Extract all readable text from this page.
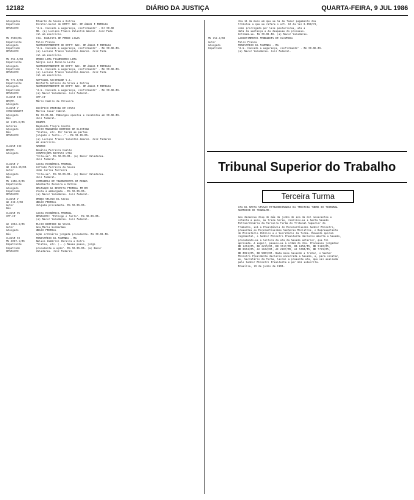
12182	DIÁRIO DA JUSTIÇA	QUARTA-FEIRA, 9 JUL 1986
Advogados
Impetrado
DESPACHO
Eduardo de Souza e Outros
Diretor-Geral do DEPTº NAC. DE ÁGUAS E ENERGIA
"A.G. Concedo a segurança, confirmando" - DJ 30.06
86. (a) Luciano Franco Valentim Amaral. Juiz Fede
ral em exercício.
MS 3506/BA
Impetrante
Advogado
Impetrado
DESPACHO
CIA. PAULISTA DE FERRO LIGAS
Felix Franca
SUPERINTENDENTE DO DEPTº NAC. DE ÁGUAS E ENERGIA
"A.G. Concedo a segurança, confirmando" - Em 30.06.86.
(a) Luciano Franco Valentim Amaral. Juiz Fede
ral em exercício.
MS 352-6/86
Impetrante
Advogado
Impetrado
DESPACHO
PEDRO LIMA FIGUEIREDO LIMA
Sérgio Luiz Pereira Leite
SUPERINTENDENTE DO DEPTº NAC. DE ÁGUAS E ENERGIA
"A.G. Concedo a segurança, confirmando" - Em 30.06.86.
(a) Luciano Franco Valentim Amaral. Juiz Fede
ral em exercício.
MS 771-8/86
Impetrante
Advogado
Impetrado
DESPACHO
SOFTAGRA SOCIEDADE S.A.
Ronfalfo Antonio da Silva e Outros
SUPERINTENDENTE DO DEPTº NAC. DE ÁGUAS E ENERGIA
"A.G. Concedo a segurança, confirmando" - Em 30.06.86.
(a) Nacur Valadares. Juiz Federal.
CLASSE III
REQTE.
Advogado
CEF-CP
Mário Camilo de Oliveira
CLASSE V
CONSIGNANTE
Advogado
Réu
PACÍFICO PEREIRA DE COSTA
Marcos Cesar Cabral
Em 30.06.86. Embargos opostos e recebidos em 30.06.86.
Juiz Federal.
AO 1195-6/86
Autores
Advogado
Réu
DESPACHO
INAMPS
Raymundo Freire Coelho
LUCIO MARANHÃO RIBEIRO DE OLIVEIRA
"Vistos, etc. Por terem as partes
julgado o feito..." - Em 30.06.86.
(a) Luciano Franco Valentim Amaral. Juiz Federal
em exercício.
CLASSE III
REQTE.
Advogado
SERPRO
Rosália Ferreira Coelho
CONFECÇÕES BATISTA LTDA
"Cite-se". Em 30.06.86. (a) Nacur Valadares.
Juiz Federal.
CLASSE V
AR 1414-26/86
Autor
Advogado
Réu
CAIXA ECONÔMICA FEDERAL
Alfredo Ferreira de Souza
João Carlos Ferreira
"Cite-se". Em 30.06.86. (a) Nacur Valadares.
Juiz Federal.
MS 1486-8/86
Impetrante
Advogado
Impetrado
DESPACHO
COMPANHIA DE TRANSPORTES DE MINAS
Adalberto Pereira e Outros
DELEGADO DA RECEITA FEDERAL EM BH
Vista à embargada - Em 30.06.86.
(a) Nacur Valadares. Juiz Federal.
CLASSE V
AR 419-3/86
Autor
Réu
PEDRO VELOSO DA SILVA
UNIÃO FEDERAL
Julgada procedente. Em 30.06.86.
CLASSE XV
CEF-CP
CAIXA ECONÔMICA FEDERAL
DESPACHO: "Extingo o feito". Em 30.06.86.
(a) Nacur Valadares. Juiz Federal.
AO 1062-4/86
Autor
Advogado
Réu
ELCIO RIBEIRO DA SILVA
Ana Maria Guimarães
UNIÃO FEDERAL
Ação ordinária julgada procedente. Em 30.06.86.
CLASSE XI
MS 4097-1/86
Impetrante
Impetrado
DESPACHO
MINISTÉRIO DA FAZENDA - MG
Nelson Zembrini Pereira e Outro
"Vistos, etc. (...) Nesse passo, julgo
procedente a ação". Em 30.06.86. (a) Nacur
Valadares. Juiz Federal.
dia 14 de maio em que se ha de fazer pagamento dos
tributos a que se refere o art. 10 da lei 6.099/74,
como prorrogado por leis posteriores, ate a
data da sentença e de despesas do processo.
Intimem-se. Em 30.06.86. (a) Nacur Valadares.
MS 1S2-4/86
Autor
Advogado
Impetrado
LAPARTIMENTOS FERNANDES DE OLIVEIRA
Felix Franca
MINISTÉRIO DA FAZENDA - MG
"A.G. Concedo a segurança, confirmando" - Em 30.06.86.
(a) Nacur Valadares. Juiz Federal.
Tribunal Superior do Trabalho
Terceira Turma
ATA DA SEXTA SESSÃO EXTRAORDINÁRIA DA TERCEIRA TURMA DO TRIBUNAL
SUPERIOR DO TRABALHO.

Aos dezenove dias do mês de junho do ano de mil novecentos e
oitenta e seis, às treze horas, realizou-se a Sexta Sessão
Extraordinária da Terceira Turma do Tribunal Superior do
Trabalho, sob a Presidência do Excelentíssimo Senhor Ministro,
presentes os Excelentíssimos Senhores Ministros, o Representante
do Ministério Público e o Secretário da Turma. Havendo quórum
regimental, o Senhor Ministro Presidente declarou aberta a Sessão,
procedendo-se a leitura da ata da Sessão anterior, que foi
aprovada. A seguir, passou-se à ordem do dia. Processos julgados:
RR 1234/85, RR 2215/85, RR 3317/85, RR 4456/85, RR 5120/85,
RR 6634/85, AI 1102/85, AI 2207/85, AI 3308/85, RR 7719/85,
RR 8821/85, RR 9903/85. Nada mais havendo a tratar, o Senhor
Ministro Presidente declarou encerrada a Sessão, e, para constar,
eu, Secretário da Turma, lavrei a presente ata, que vai assinada
pelo Senhor Ministro Presidente e por mim subscrita.
Brasília, 19 de junho de 1986.
